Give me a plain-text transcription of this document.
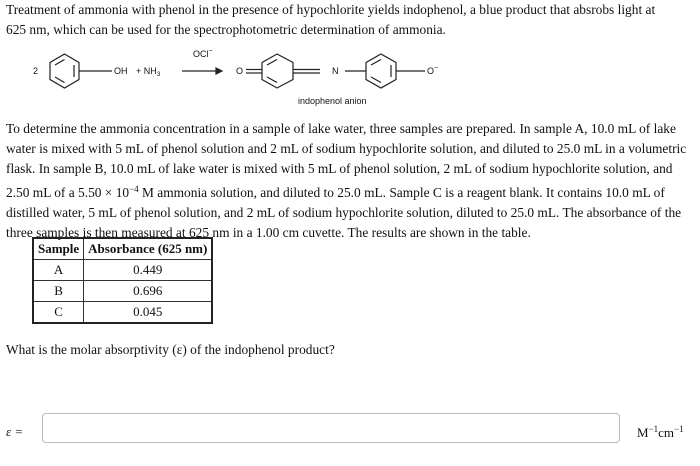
Treatment of ammonia with phenol in the presence of hypochlorite yields indophenol, a blue product that absrobs light at
625 nm, which can be used for the spectrophotometric determination of ammonia.

2	OH + $NH_3$
OCl−
O	N	O−
indophenol anion

To determine the ammonia concentration in a sample of lake water, three samples are prepared. In sample A, 10.0 mL of lake
water is mixed with 5 mL of phenol solution and 2 mL of sodium hypochlorite solution, and diluted to 25.0 mL in a volumetric
flask. In sample B, 10.0 mL of lake water is mixed with 5 mL of phenol solution, 2 mL of sodium hypochlorite solution, and
2.50 mL of a $5.50 \times 10^{-4}$ M ammonia solution, and diluted to 25.0 mL. Sample C is a reagent blank. It contains 10.0 mL of
distilled water, 5 mL of phenol solution, and 2 mL of sodium hypochlorite solution, diluted to 25.0 mL. The absorbance of the
three samples is then measured at 625 nm in a 1.00 cm cuvette. The results are shown in the table.

Sample	Absorbance (625 nm)
A	0.449
B	0.696
C	0.045

What is the molar absorptivity (ε) of the indophenol product?

ε =	$M^{-1}cm^{-1}$
